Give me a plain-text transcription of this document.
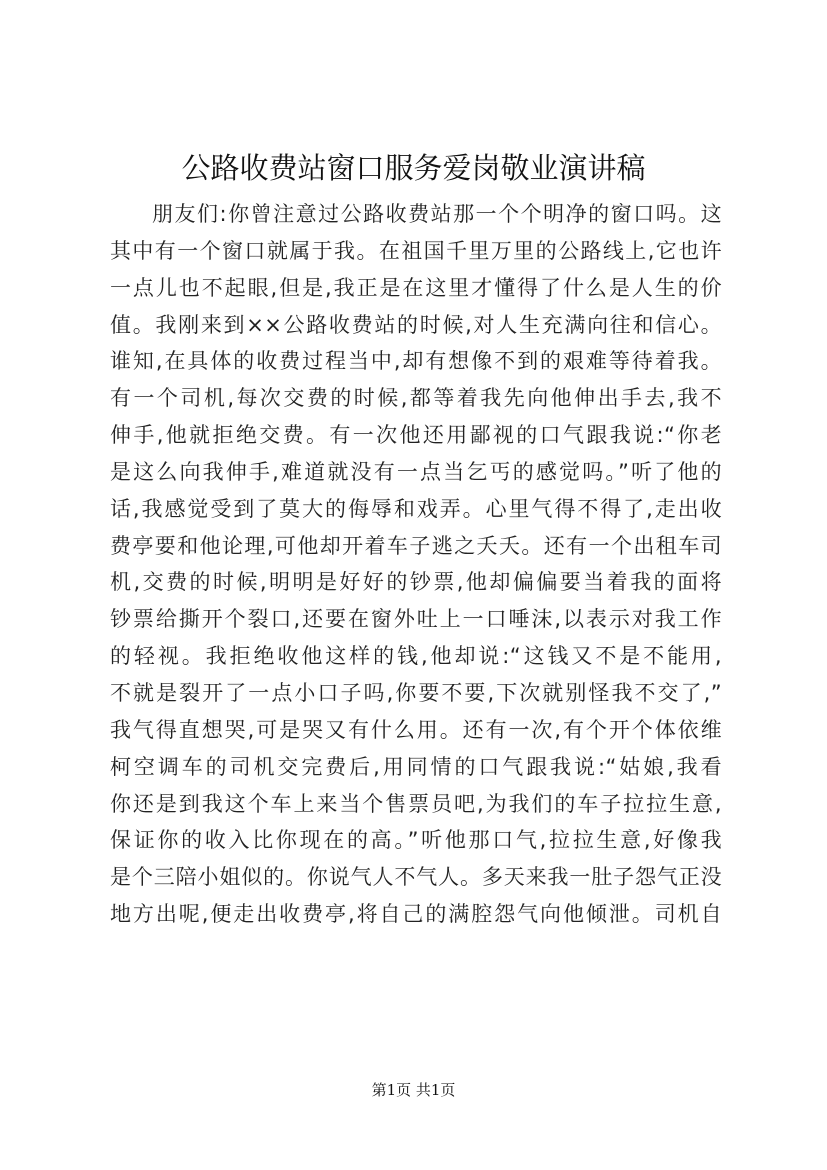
公路收费站窗口服务爱岗敬业演讲稿
朋友们:你曾注意过公路收费站那一个个明净的窗口吗。这
其中有一个窗口就属于我。在祖国千里万里的公路线上,它也许
一点儿也不起眼,但是,我正是在这里才懂得了什么是人生的价
值。我刚来到××公路收费站的时候,对人生充满向往和信心。
谁知,在具体的收费过程当中,却有想像不到的艰难等待着我。
有一个司机,每次交费的时候,都等着我先向他伸出手去,我不
伸手,他就拒绝交费。有一次他还用鄙视的口气跟我说:“你老
是这么向我伸手,难道就没有一点当乞丐的感觉吗。”听了他的
话,我感觉受到了莫大的侮辱和戏弄。心里气得不得了,走出收
费亭要和他论理,可他却开着车子逃之夭夭。还有一个出租车司
机,交费的时候,明明是好好的钞票,他却偏偏要当着我的面将
钞票给撕开个裂口,还要在窗外吐上一口唾沫,以表示对我工作
的轻视。我拒绝收他这样的钱,他却说:“这钱又不是不能用,
不就是裂开了一点小口子吗,你要不要,下次就别怪我不交了,”
我气得直想哭,可是哭又有什么用。还有一次,有个开个体依维
柯空调车的司机交完费后,用同情的口气跟我说:“姑娘,我看
你还是到我这个车上来当个售票员吧,为我们的车子拉拉生意,
保证你的收入比你现在的高。”听他那口气,拉拉生意,好像我
是个三陪小姐似的。你说气人不气人。多天来我一肚子怨气正没
地方出呢,便走出收费亭,将自己的满腔怨气向他倾泄。司机自
第1页 共1页
